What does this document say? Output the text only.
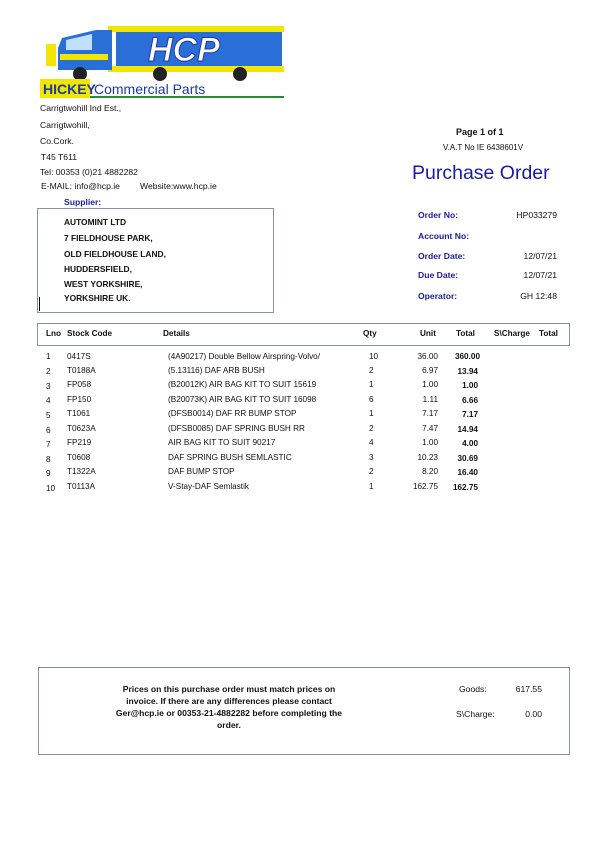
HCP
HICKEY
Commercial Parts
Carrigtwohill Ind Est.,
Carrigtwohill,
Co.Cork.
T45 T611
Tel: 00353 (0)21 4882282
E-MAIL: info@hcp.ie Website:www.hcp.ie
Supplier:
AUTOMINT LTD
7 FIELDHOUSE PARK,
OLD FIELDHOUSE LAND,
HUDDERSFIELD,
WEST YORKSHIRE,
YORKSHIRE UK.
Page 1 of 1
V.A.T No IE 6438601V
Purchase Order
Order No:	HP033279
Account No:
Order Date:	12/07/21
Due Date:	12/07/21
Operator:	GH 12:48
Lno Stock Code	Details	Qty	Unit Total S\Charge Total
1 0417S	(4A90217) Double Bellow Airspring-Volvo/	10	36.00	360.00
2 T0188A	(5.13116) DAF ARB BUSH	2	6.97	13.94
3 FP058	(B20012K) AIR BAG KIT TO SUIT 15619	1	1.00	1.00
4 FP150	(B20073K) AIR BAG KIT TO SUIT 16098	6	1.11	6.66
5 T1061	(DFSB0014) DAF RR BUMP STOP	1	7.17	7.17
6 T0623A	(DFSB0085) DAF SPRING BUSH RR	2	7.47	14.94
7 FP219	AIR BAG KIT TO SUIT 90217	4	1.00	4.00
8 T0608	DAF SPRING BUSH SEMLASTIC	3	10.23	30.69
9 T1322A	DAF BUMP STOP	2	8.20	16.40
10 T0113A	V-Stay-DAF Semlastik	1	162.75	162.75
Prices on this purchase order must match prices on
invoice. If there are any differences please contact
Ger@hcp.ie or 00353-21-4882282 before completing the
order.
Goods:	617.55
S\Charge:	0.00
